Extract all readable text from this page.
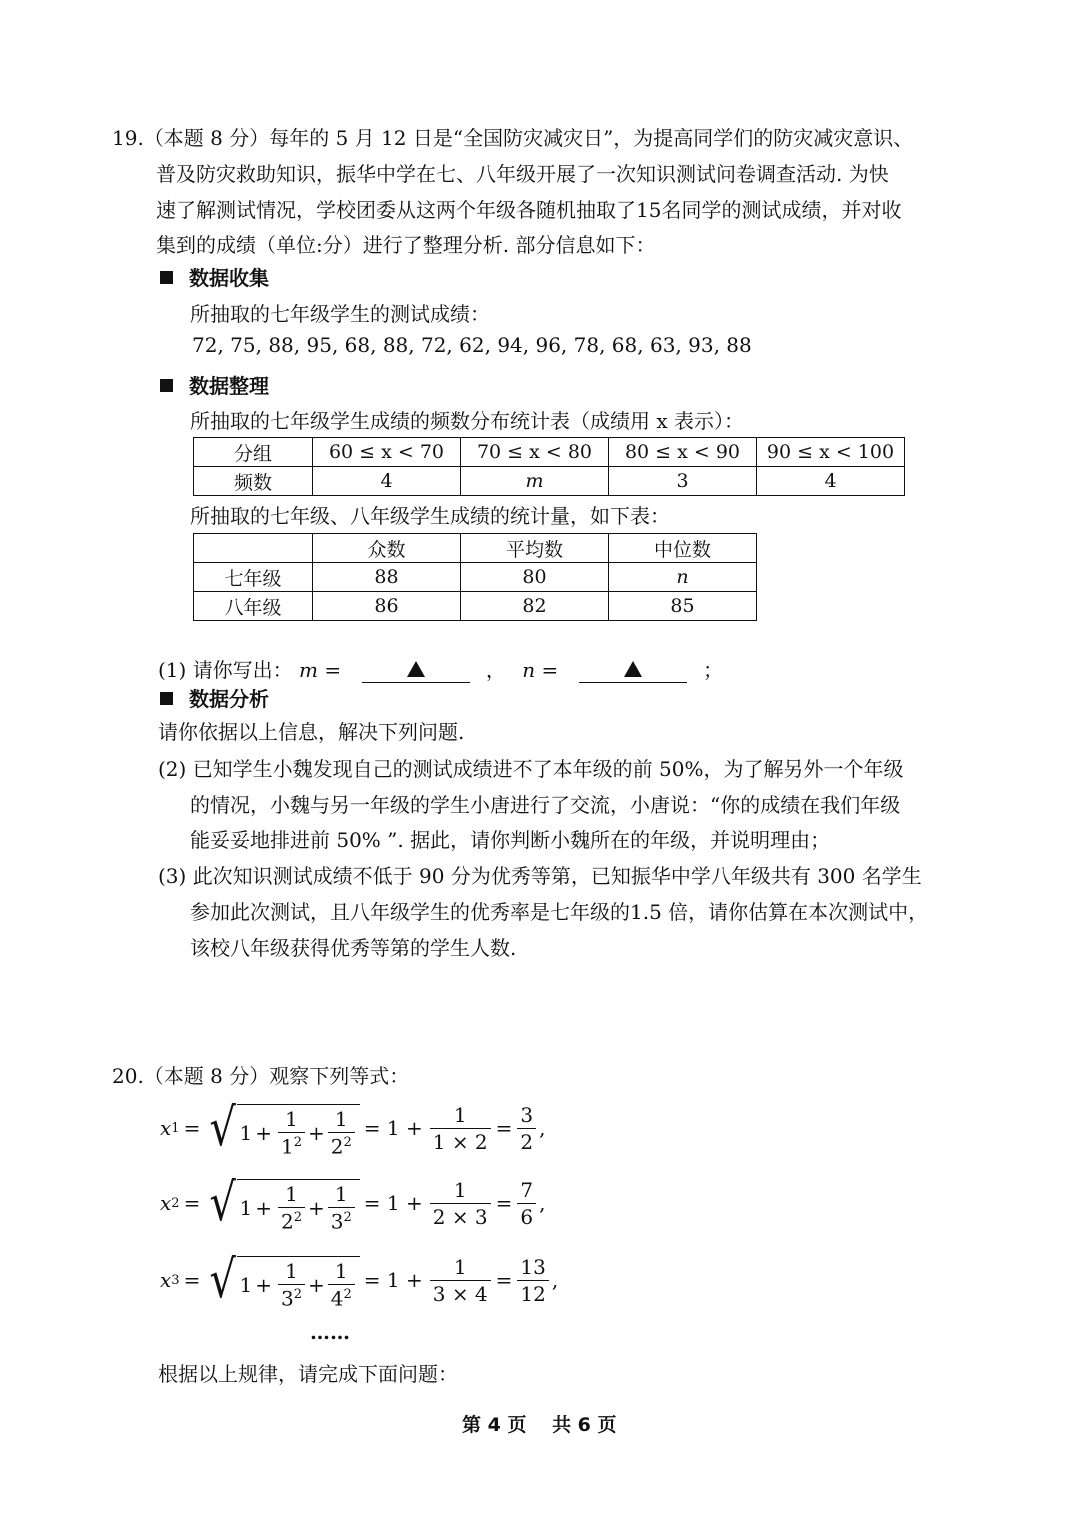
19.（本题 8 分）每年的 5 月 12 日是“全国防灾减灾日”，为提高同学们的防灾减灾意识、
普及防灾救助知识，振华中学在七、八年级开展了一次知识测试问卷调查活动. 为快
速了解测试情况，学校团委从这两个年级各随机抽取了15名同学的测试成绩，并对收
集到的成绩（单位:分）进行了整理分析. 部分信息如下：
数据收集
所抽取的七年级学生的测试成绩：
72, 75, 88, 95, 68, 88, 72, 62, 94, 96, 78, 68, 63, 93, 88
数据整理
所抽取的七年级学生成绩的频数分布统计表（成绩用 x 表示）：
分组	60 ≤ x < 70	70 ≤ x < 80	80 ≤ x < 90	90 ≤ x < 100
频数	4	m	3	4
所抽取的七年级、八年级学生成绩的统计量，如下表：
	众数	平均数	中位数
七年级	88	80	n
八年级	86	82	85
(1) 请你写出： m =	， n =	；
数据分析
请你依据以上信息，解决下列问题.
(2) 已知学生小魏发现自己的测试成绩进不了本年级的前 50%，为了解另外一个年级
的情况，小魏与另一年级的学生小唐进行了交流，小唐说：“你的成绩在我们年级
能妥妥地排进前 50% ”. 据此，请你判断小魏所在的年级，并说明理由；
(3) 此次知识测试成绩不低于 90 分为优秀等第，已知振华中学八年级共有 300 名学生
参加此次测试，且八年级学生的优秀率是七年级的1.5 倍，请你估算在本次测试中，
该校八年级获得优秀等第的学生人数.
20.（本题 8 分）观察下列等式：
x 1 = √ $1 + \frac{1}{1^2} + \frac{1}{2^2} = 1 + \frac{1}{1 \times 2} = \frac{3}{2}$ ,
x 2 = √ $1 + \frac{1}{2^2} + \frac{1}{3^2} = 1 + \frac{1}{2 \times 3} = \frac{7}{6}$ ,
x 3 = √ $1 + \frac{1}{3^2} + \frac{1}{4^2} = 1 + \frac{1}{3 \times 4} = \frac{13}{12}$ ,
……
根据以上规律，请完成下面问题：
第 4 页　 共 6 页
